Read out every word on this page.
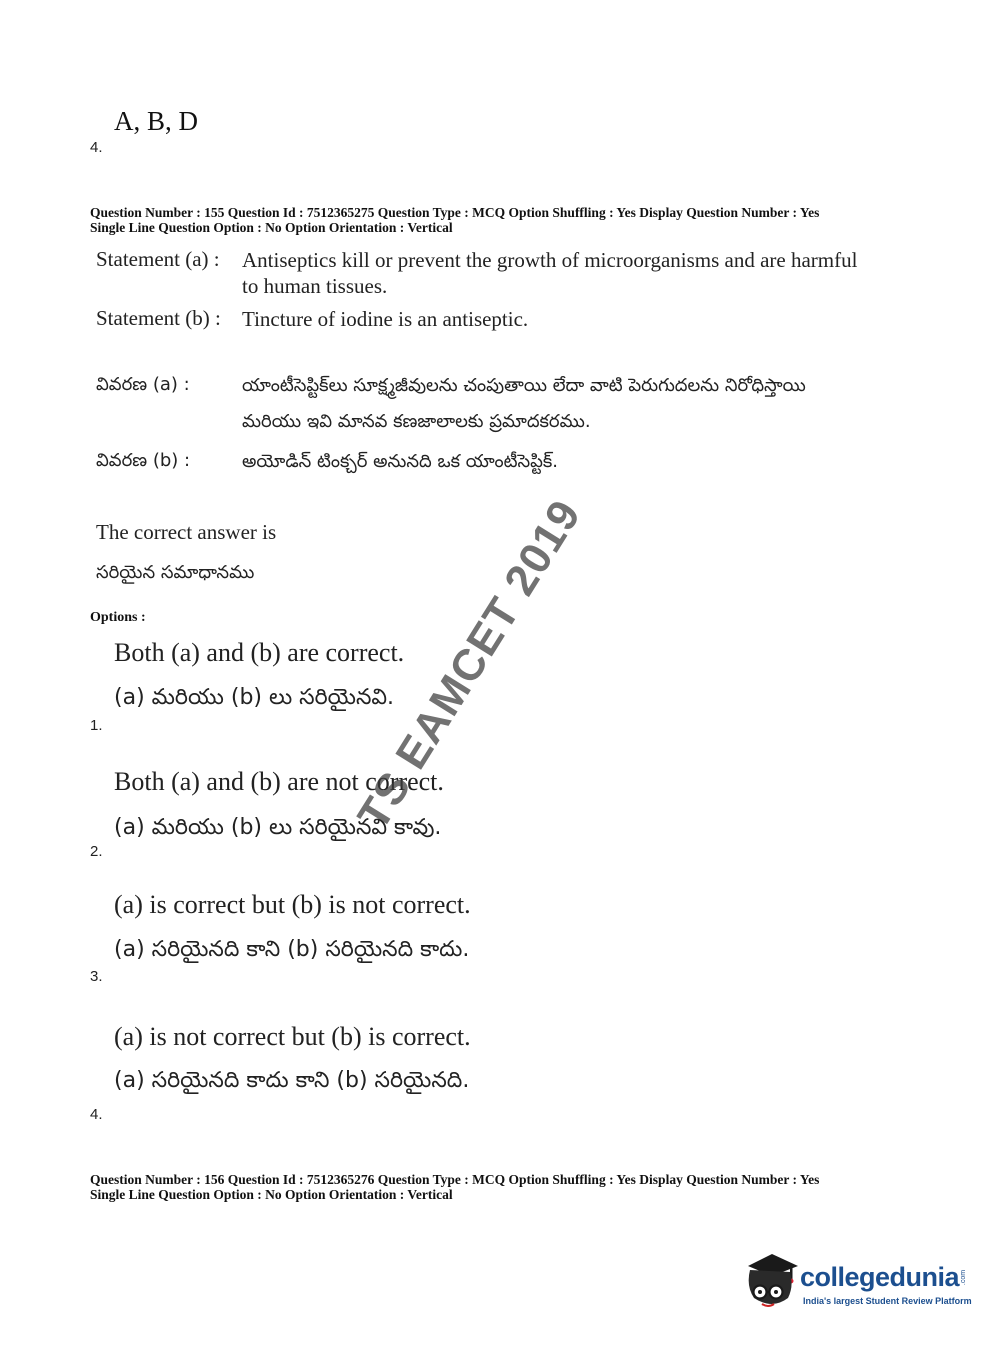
A, B, D
4.
Question Number : 155 Question Id : 7512365275 Question Type : MCQ Option Shuffling : Yes Display Question Number : Yes
Single Line Question Option : No Option Orientation : Vertical
Statement (a) : Antiseptics kill or prevent the growth of microorganisms and are harmful
to human tissues.
Statement (b) : Tincture of iodine is an antiseptic.
వివరణ (a) :	యాంటీసెప్టిక్‌లు సూక్ష్మజీవులను చంపుతాయి లేదా వాటి పెరుగుదలను నిరోధిస్తాయి
మరియు ఇవి మానవ కణజాలాలకు ప్రమాదకరము.
వివరణ (b) :	అయోడిన్ టింక్చర్ అనునది ఒక యాంటీసెప్టిక్.
The correct answer is
సరియైన సమాధానము
Options :
Both (a) and (b) are correct.
(a) మరియు (b) లు సరియైనవి.
1.
Both (a) and (b) are not correct.
(a) మరియు (b) లు సరియైనవి కావు.
2.
(a) is correct but (b) is not correct.
(a) సరియైనది కాని (b) సరియైనది కాదు.
3.
(a) is not correct but (b) is correct.
(a) సరియైనది కాదు కాని (b) సరియైనది.
4.
Question Number : 156 Question Id : 7512365276 Question Type : MCQ Option Shuffling : Yes Display Question Number : Yes
Single Line Question Option : No Option Orientation : Vertical
TS EAMCET 2019
collegedunia .com
India's largest Student Review Platform
